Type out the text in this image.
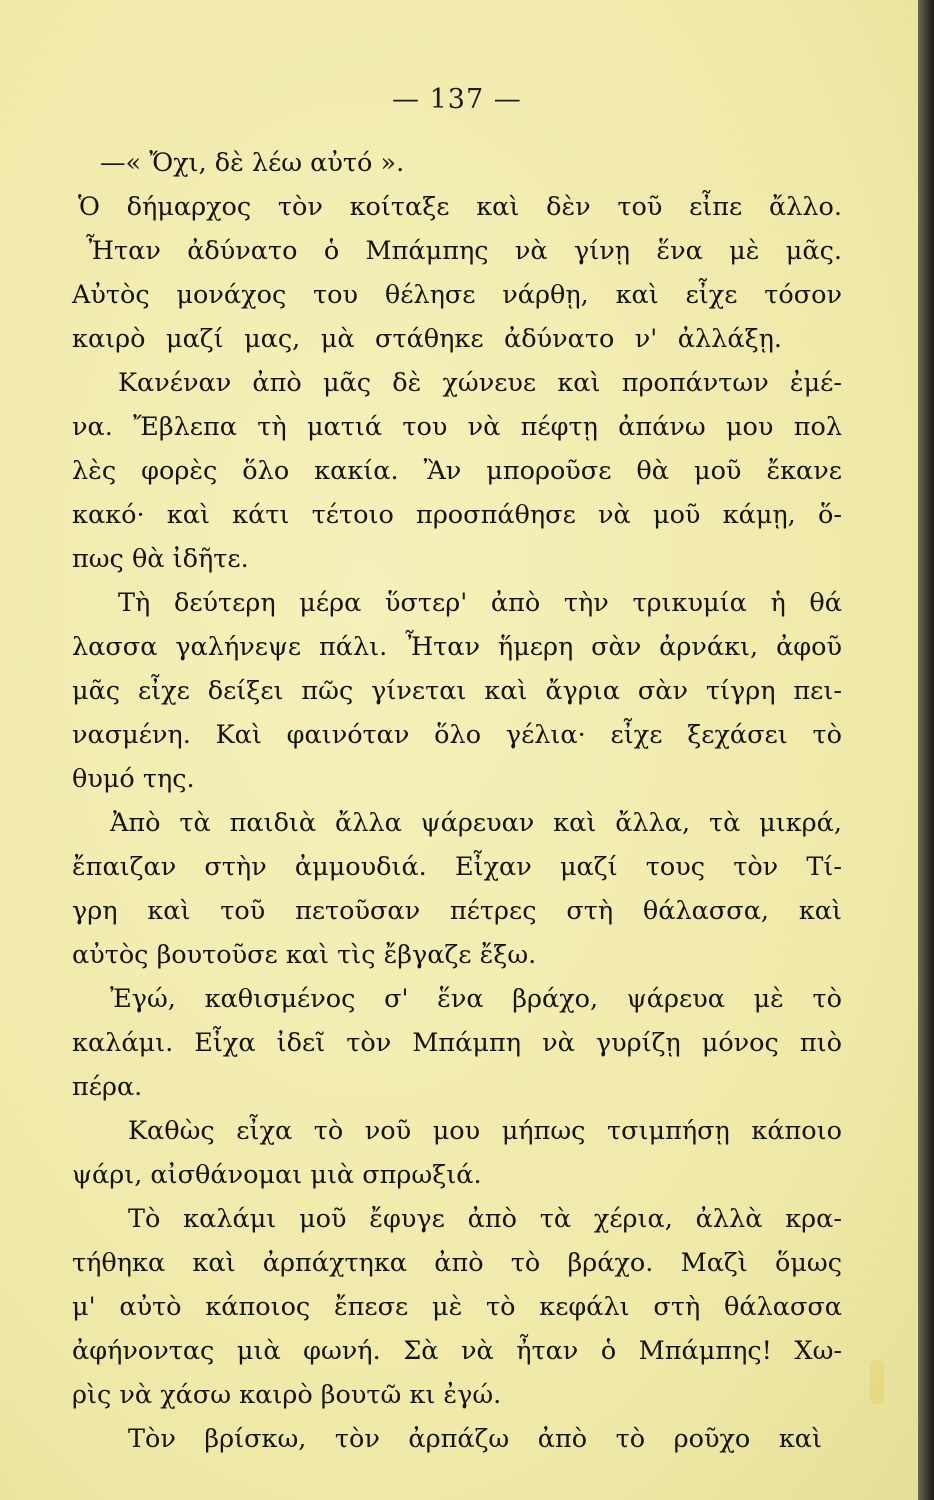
— 137 —
—« Ὄχι, δὲ λέω αὐτό ».
Ὁ δήμαρχος τὸν κοίταξε καὶ δὲν τοῦ εἶπε ἄλλο.
Ἦταν ἀδύνατο ὁ Μπάμπης νὰ γίνῃ ἕνα μὲ μᾶς.
Αὐτὸς μονάχος του θέλησε νάρθῃ, καὶ εἶχε τόσον
καιρὸ μαζί μας, μὰ στάθηκε ἀδύνατο ν' ἀλλάξῃ.
Κανέναν ἀπὸ μᾶς δὲ χώνευε καὶ προπάντων ἐμέ-
να. Ἔβλεπα τὴ ματιά του νὰ πέφτῃ ἀπάνω μου πολ
λὲς φορὲς ὅλο κακία. Ἂν μποροῦσε θὰ μοῦ ἔκανε
κακό· καὶ κάτι τέτοιο προσπάθησε νὰ μοῦ κάμῃ, ὅ-
πως θὰ ἰδῆτε.
Τὴ δεύτερη μέρα ὕστερ' ἀπὸ τὴν τρικυμία ἡ θά
λασσα γαλήνεψε πάλι. Ἦταν ἥμερη σὰν ἀρνάκι, ἀφοῦ
μᾶς εἶχε δείξει πῶς γίνεται καὶ ἄγρια σὰν τίγρη πει-
νασμένη. Καὶ φαινόταν ὅλο γέλια· εἶχε ξεχάσει τὸ
θυμό της.
Ἀπὸ τὰ παιδιὰ ἄλλα ψάρευαν καὶ ἄλλα, τὰ μικρά,
ἔπαιζαν στὴν ἀμμουδιά. Εἶχαν μαζί τους τὸν Τί-
γρη καὶ τοῦ πετοῦσαν πέτρες στὴ θάλασσα, καὶ
αὐτὸς βουτοῦσε καὶ τὶς ἔβγαζε ἔξω.
Ἐγώ, καθισμένος σ' ἕνα βράχο, ψάρευα μὲ τὸ
καλάμι. Εἶχα ἰδεῖ τὸν Μπάμπη νὰ γυρίζῃ μόνος πιὸ
πέρα.
Καθὼς εἶχα τὸ νοῦ μου μήπως τσιμπήσῃ κάποιο
ψάρι, αἰσθάνομαι μιὰ σπρωξιά.
Τὸ καλάμι μοῦ ἔφυγε ἀπὸ τὰ χέρια, ἀλλὰ κρα-
τήθηκα καὶ ἀρπάχτηκα ἀπὸ τὸ βράχο. Μαζὶ ὅμως
μ' αὐτὸ κάποιος ἔπεσε μὲ τὸ κεφάλι στὴ θάλασσα
ἀφήνοντας μιὰ φωνή. Σὰ νὰ ἦταν ὁ Μπάμπης! Χω-
ρὶς νὰ χάσω καιρὸ βουτῶ κι ἐγώ.
Τὸν βρίσκω, τὸν ἀρπάζω ἀπὸ τὸ ροῦχο καὶ
